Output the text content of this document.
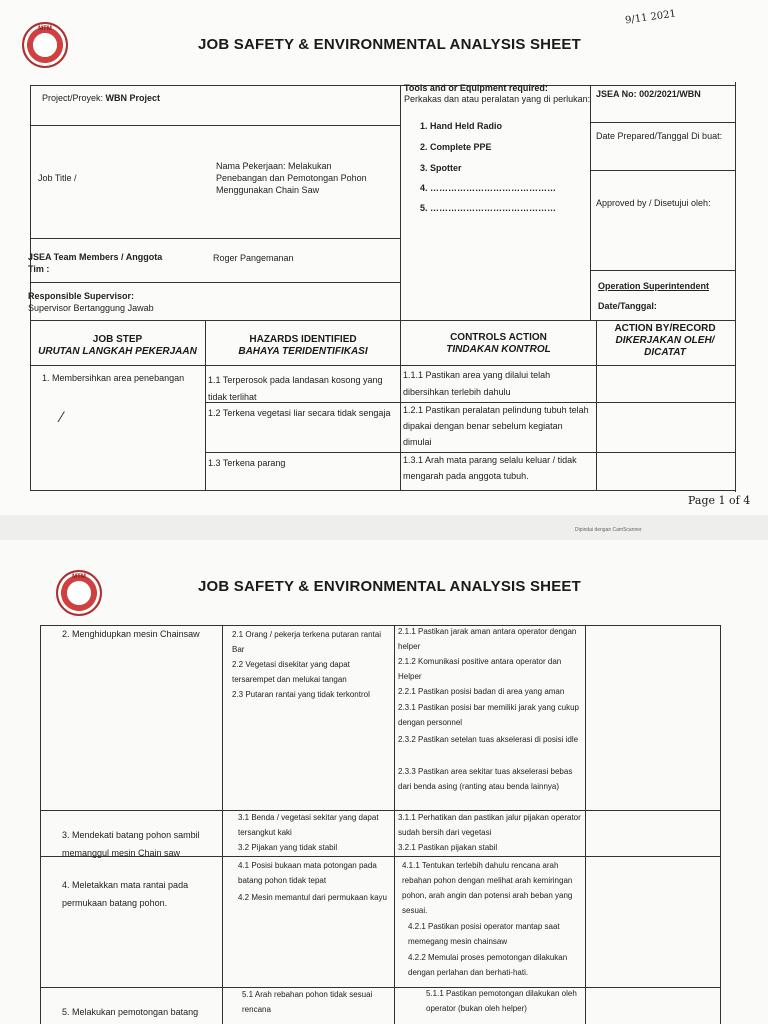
MTM
JOB SAFETY & ENVIRONMENTAL ANALYSIS SHEET
9/11 2021
Project/Proyek: WBN Project
Job Title /
Nama Pekerjaan: Melakukan Penebangan dan Pemotongan Pohon Menggunakan Chain Saw
JSEA Team Members / Anggota Tim :
Roger Pangemanan
Responsible Supervisor:
Supervisor Bertanggung Jawab
Tools and or Equipment required:
Perkakas dan atau peralatan yang di perlukan:
1. Hand Held Radio
2. Complete PPE
3. Spotter
4. ……………………………………
5. ……………………………………
JSEA No: 002/2021/WBN
Date Prepared/Tanggal Di buat:
Approved by / Disetujui oleh:
Operation Superintendent
Date/Tanggal:
JOB STEP
URUTAN LANGKAH PEKERJAAN
HAZARDS IDENTIFIED
BAHAYA TERIDENTIFIKASI
CONTROLS ACTION
TINDAKAN KONTROL
ACTION BY/RECORD
DIKERJAKAN OLEH/ DICATAT
1. Membersihkan area penebangan
⁄
1.1 Terperosok pada landasan kosong yang tidak terlihat
1.2 Terkena vegetasi liar secara tidak sengaja
1.3 Terkena parang
1.1.1 Pastikan area yang dilalui telah dibersihkan terlebih dahulu
1.2.1 Pastikan peralatan pelindung tubuh telah dipakai dengan benar sebelum kegiatan dimulai
1.3.1 Arah mata parang selalu keluar / tidak mengarah pada anggota tubuh.
Page 1 of 4
Dipindai dengan CamScanner
MTM
JOB SAFETY & ENVIRONMENTAL ANALYSIS SHEET
2. Menghidupkan mesin Chainsaw	2.1 Orang / pekerja terkena putaran rantai Bar
2.2 Vegetasi disekitar yang dapat tersarempet dan melukai tangan
2.3 Putaran rantai yang tidak terkontrol
2.1.1 Pastikan jarak aman antara operator dengan helper
2.1.2 Komunikasi positive antara operator dan Helper
2.2.1 Pastikan posisi badan di area yang aman
2.3.1 Pastikan posisi bar memiliki jarak yang cukup dengan personnel
2.3.2 Pastikan setelan tuas akselerasi di posisi idle
2.3.3 Pastikan area sekitar tuas akselerasi bebas dari benda asing (ranting atau benda lainnya)
3. Mendekati batang pohon sambil memanggul mesin Chain saw
3.1 Benda / vegetasi sekitar yang dapat tersangkut kaki
3.2 Pijakan yang tidak stabil
3.1.1 Perhatikan dan pastikan jalur pijakan operator sudah bersih dari vegetasi
3.2.1 Pastikan pijakan stabil
4. Meletakkan mata rantai pada permukaan batang pohon.
4.1 Posisi bukaan mata potongan pada batang pohon tidak tepat
4.2 Mesin memantul dari permukaan kayu
4.1.1 Tentukan terlebih dahulu rencana arah rebahan pohon dengan melihat arah kemiringan pohon, arah angin dan potensi arah beban yang sesuai.
4.2.1 Pastikan posisi operator mantap saat memegang mesin chainsaw
4.2.2 Memulai proses pemotongan dilakukan dengan perlahan dan berhati-hati.
5. Melakukan pemotongan batang
5.1 Arah rebahan pohon tidak sesuai rencana
5.1.1 Pastikan pemotongan dilakukan oleh operator (bukan oleh helper)
